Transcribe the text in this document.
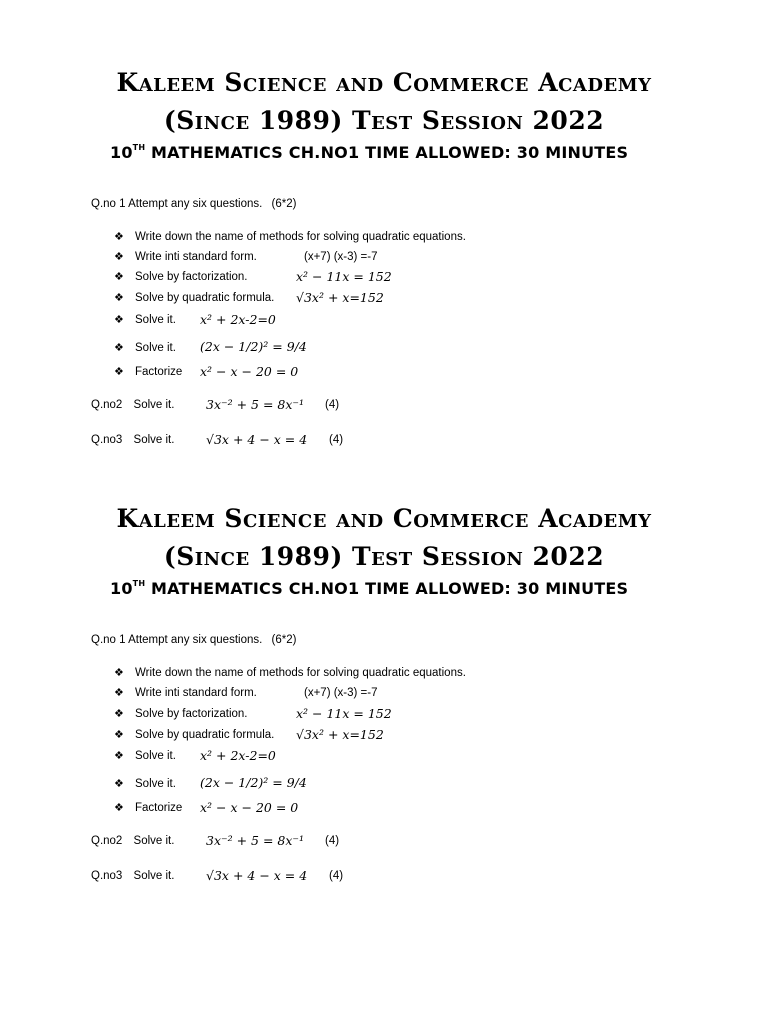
Kaleem Science and Commerce Academy
(Since 1989) Test Session 2022
10TH MATHEMATICS CH.NO1 TIME ALLOWED: 30 MINUTES
Q.no 1 Attempt any six questions. (6*2)
❖ Write down the name of methods for solving quadratic equations.
❖ Write inti standard form.	(x+7) (x-3) =-7
❖ Solve by factorization.	x² − 11x = 152
❖ Solve by quadratic formula. √3x² + x=152
❖ Solve it. x² + 2x-2=0
❖ Solve it. (2x − 1/2)² = 9/4
❖ Factorize x² − x − 20 = 0
Q.no2 Solve it.	3x⁻² + 5 = 8x⁻¹ (4)
Q.no3 Solve it.	√3x + 4 − x = 4 (4)
Kaleem Science and Commerce Academy
(Since 1989) Test Session 2022
10TH MATHEMATICS CH.NO1 TIME ALLOWED: 30 MINUTES
Q.no 1 Attempt any six questions. (6*2)
❖ Write down the name of methods for solving quadratic equations.
❖ Write inti standard form.	(x+7) (x-3) =-7
❖ Solve by factorization.	x² − 11x = 152
❖ Solve by quadratic formula. √3x² + x=152
❖ Solve it. x² + 2x-2=0
❖ Solve it. (2x − 1/2)² = 9/4
❖ Factorize x² − x − 20 = 0
Q.no2 Solve it.	3x⁻² + 5 = 8x⁻¹ (4)
Q.no3 Solve it.	√3x + 4 − x = 4 (4)
